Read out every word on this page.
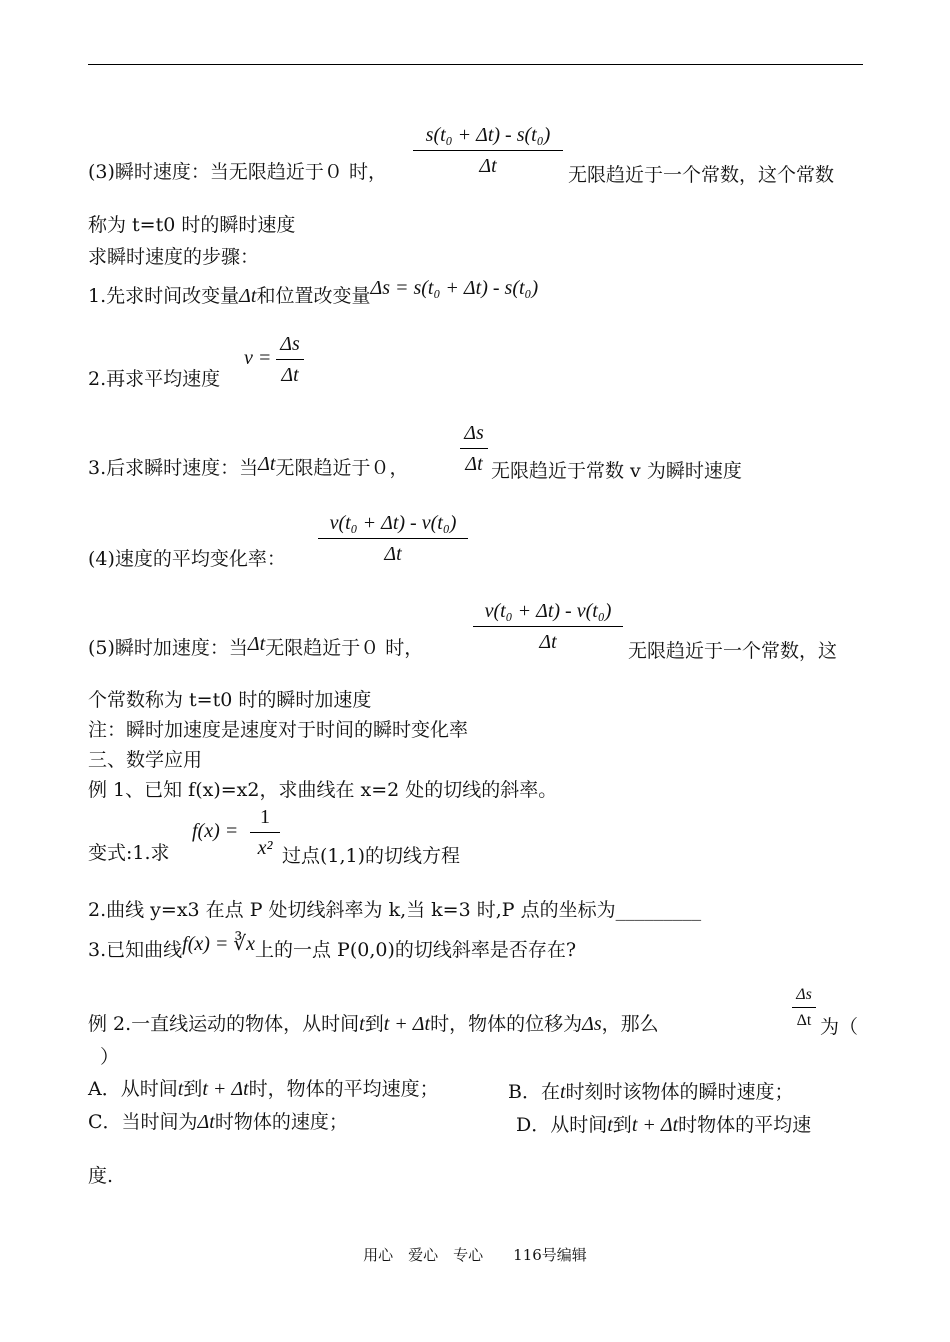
s(t₀ + Δt) - s(t₀)
Δt
(3)瞬时速度：当无限趋近于０ 时，	无限趋近于一个常数，这个常数
称为 t=t0 时的瞬时速度
求瞬时速度的步骤：
1.先求时间改变量Δt和位置改变量Δs = s(t₀ + Δt) - s(t₀)
2.再求平均速度
v =
Δs
Δt
3.后求瞬时速度：当Δt无限趋近于０，
Δs
Δt 无限趋近于常数 v 为瞬时速度
v(t₀ + Δt) - v(t₀)
Δt
(4)速度的平均变化率：
v(t₀ + Δt) - v(t₀)
Δt
(5)瞬时加速度：当Δt无限趋近于０ 时，	无限趋近于一个常数，这
个常数称为 t=t0 时的瞬时加速度
注：瞬时加速度是速度对于时间的瞬时变化率
三、数学应用
例 1、已知 f(x)=x2，求曲线在 x=2 处的切线的斜率。
变式:1.求
f(x) =
1
x² 过点(1,1)的切线方程
2.曲线 y=x3 在点 P 处切线斜率为 k,当 k=3 时,P 点的坐标为_________
3.已知曲线f(x) = ∛x上的一点 P(0,0)的切线斜率是否存在?
例 2.一直线运动的物体，从时间t到t + Δt时，物体的位移为Δs，那么
Δs
Δt 为（
）
A．从时间t到t + Δt时，物体的平均速度；	B．在t时刻时该物体的瞬时速度；
C．当时间为Δt时物体的速度；	D．从时间t到t + Δt时物体的平均速
度.
用心　爱心　专心　　116号编辑
